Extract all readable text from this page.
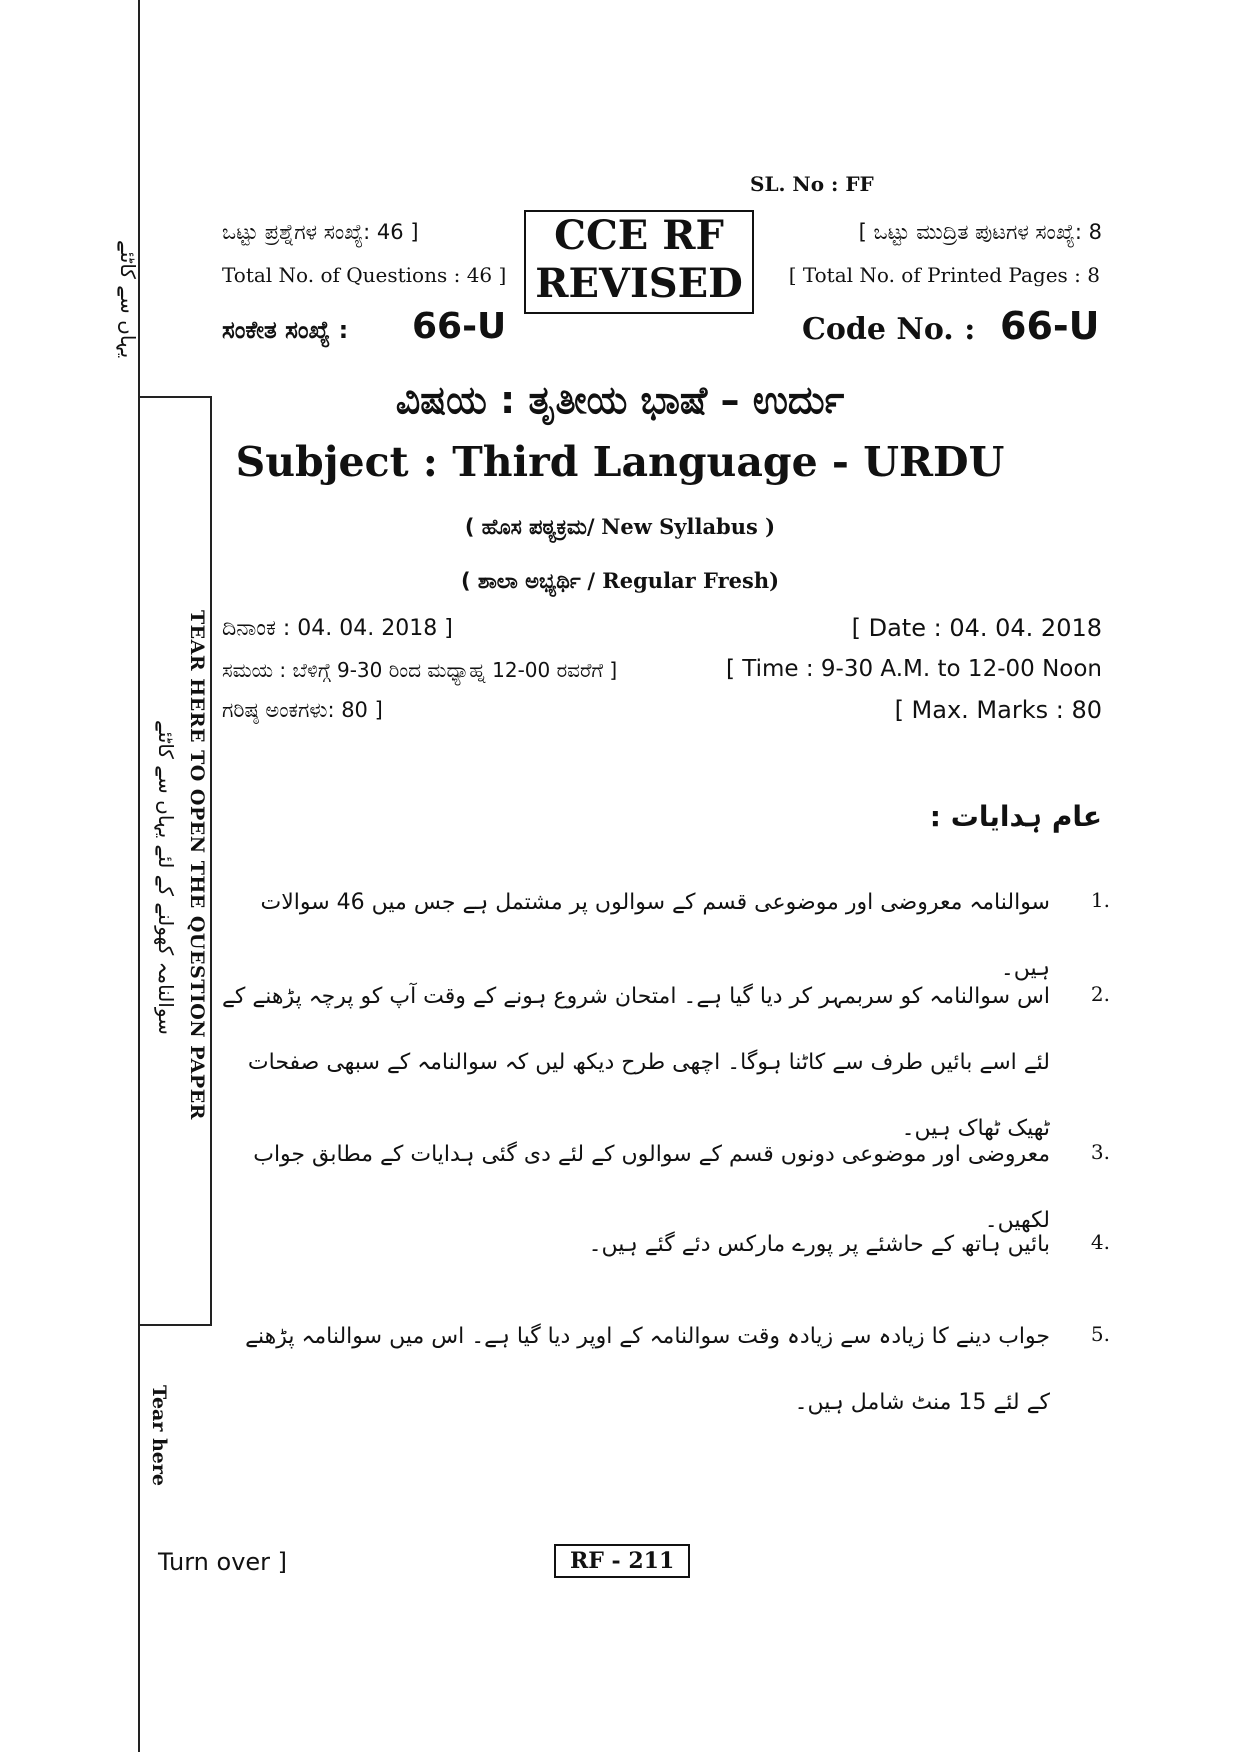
یہاں سے کاٹئے
TEAR HERE TO OPEN THE QUESTION PAPER
سوالنامہ کھولنے کے لئے یہاں سے کاٹئے
Tear here
SL. No : FF
ಒಟ್ಟು ಪ್ರಶ್ನೆಗಳ ಸಂಖ್ಯೆ: 46 ]
Total No. of Questions : 46 ]
ಸಂಕೇತ ಸಂಖ್ಯೆ : 66-U
CCE RF
REVISED
[ ಒಟ್ಟು ಮುದ್ರಿತ ಪುಟಗಳ ಸಂಖ್ಯೆ: 8
[ Total No. of Printed Pages : 8
Code No. : 66-U
ವಿಷಯ : ತೃತೀಯ ಭಾಷೆ – ಉರ್ದು
Subject : Third Language - URDU
( ಹೊಸ ಪಠ್ಯಕ್ರಮ/ New Syllabus )
( ಶಾಲಾ ಅಭ್ಯರ್ಥಿ / Regular Fresh)
ದಿನಾಂಕ : 04. 04. 2018 ]	[ Date : 04. 04. 2018
ಸಮಯ : ಬೆಳಿಗ್ಗೆ 9-30 ರಿಂದ ಮಧ್ಯಾಹ್ನ 12-00 ರವರೆಗೆ ]	[ Time : 9-30 A.M. to 12-00 Noon
ಗರಿಷ್ಠ ಅಂಕಗಳು: 80 ]	[ Max. Marks : 80
عام ہدایات :
1.
سوالنامہ معروضی اور موضوعی قسم کے سوالوں پر مشتمل ہے جس میں 46 سوالات ہیں۔
2.
اس سوالنامہ کو سربمہر کر دیا گیا ہے۔ امتحان شروع ہونے کے وقت آپ کو پرچہ پڑھنے کے لئے اسے بائیں طرف سے کاٹنا ہوگا۔ اچھی طرح دیکھ لیں کہ سوالنامہ کے سبھی صفحات ٹھیک ٹھاک ہیں۔
3.
معروضی اور موضوعی دونوں قسم کے سوالوں کے لئے دی گئی ہدایات کے مطابق جواب لکھیں۔
4.
بائیں ہاتھ کے حاشئے پر پورے مارکس دئے گئے ہیں۔
5.
جواب دینے کا زیادہ سے زیادہ وقت سوالنامہ کے اوپر دیا گیا ہے۔ اس میں سوالنامہ پڑھنے کے لئے 15 منٹ شامل ہیں۔
Turn over ]	RF - 211
